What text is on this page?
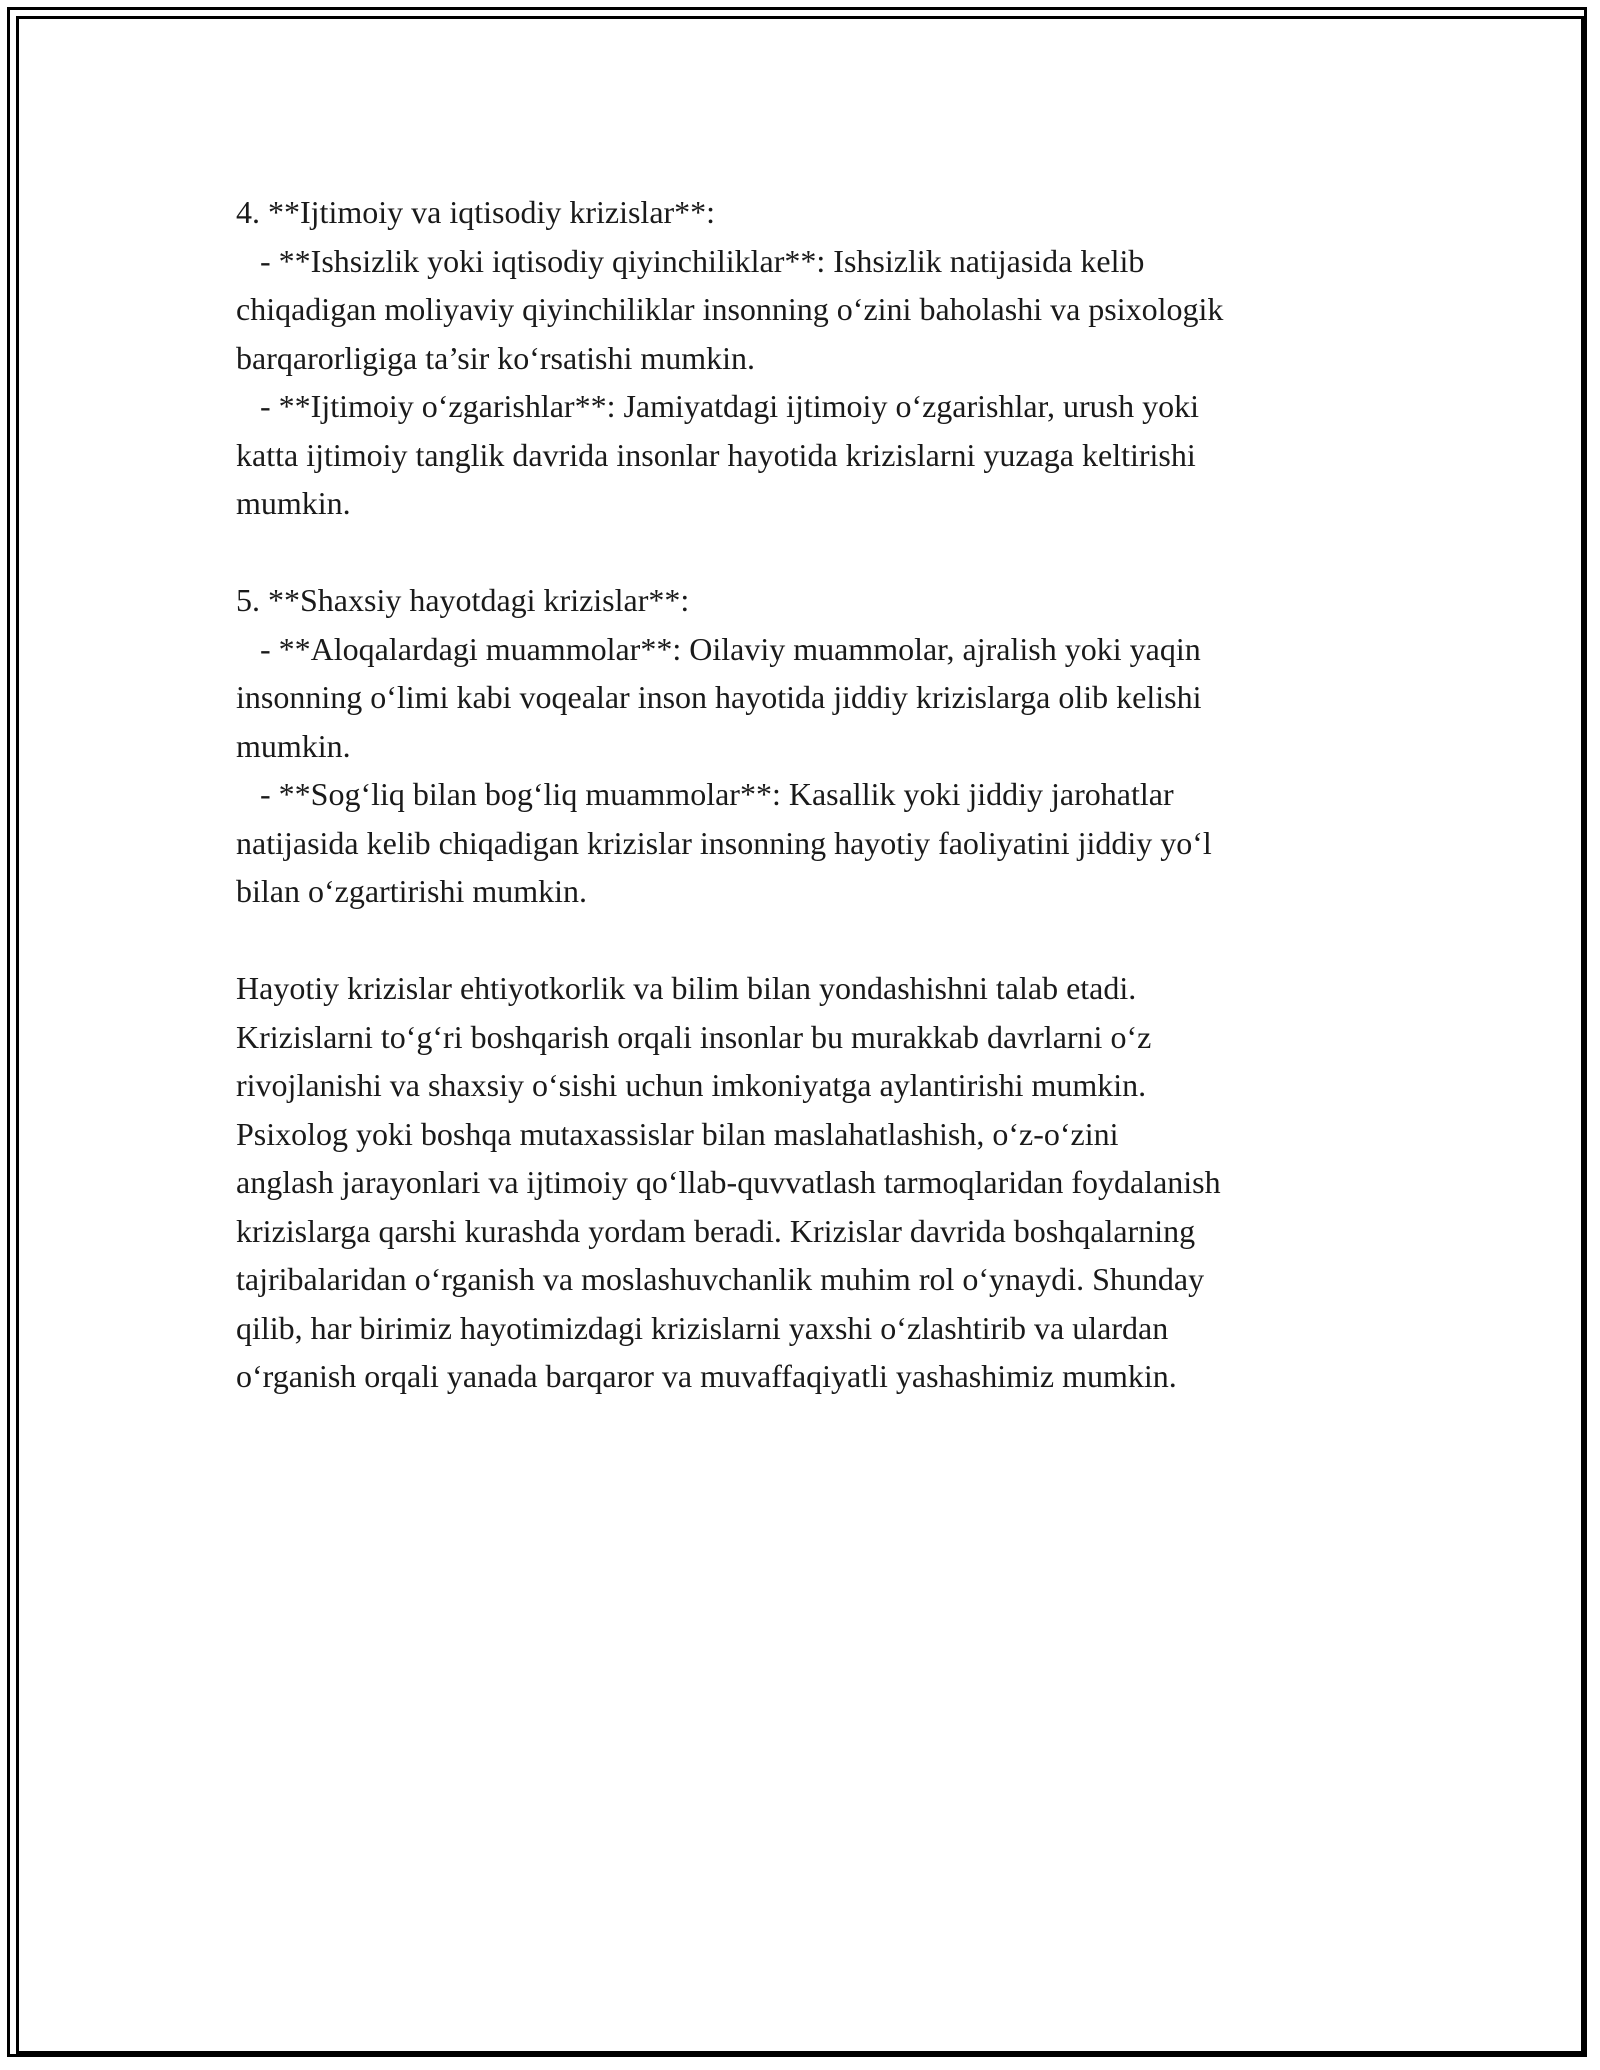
4. **Ijtimoiy va iqtisodiy krizislar**:
- **Ishsizlik yoki iqtisodiy qiyinchiliklar**: Ishsizlik natijasida kelib
chiqadigan moliyaviy qiyinchiliklar insonning o‘zini baholashi va psixologik
barqarorligiga ta’sir ko‘rsatishi mumkin.
- **Ijtimoiy o‘zgarishlar**: Jamiyatdagi ijtimoiy o‘zgarishlar, urush yoki
katta ijtimoiy tanglik davrida insonlar hayotida krizislarni yuzaga keltirishi
mumkin.
5. **Shaxsiy hayotdagi krizislar**:
- **Aloqalardagi muammolar**: Oilaviy muammolar, ajralish yoki yaqin
insonning o‘limi kabi voqealar inson hayotida jiddiy krizislarga olib kelishi
mumkin.
- **Sog‘liq bilan bog‘liq muammolar**: Kasallik yoki jiddiy jarohatlar
natijasida kelib chiqadigan krizislar insonning hayotiy faoliyatini jiddiy yo‘l
bilan o‘zgartirishi mumkin.
Hayotiy krizislar ehtiyotkorlik va bilim bilan yondashishni talab etadi.
Krizislarni to‘g‘ri boshqarish orqali insonlar bu murakkab davrlarni o‘z
rivojlanishi va shaxsiy o‘sishi uchun imkoniyatga aylantirishi mumkin.
Psixolog yoki boshqa mutaxassislar bilan maslahatlashish, o‘z-o‘zini
anglash jarayonlari va ijtimoiy qo‘llab-quvvatlash tarmoqlaridan foydalanish
krizislarga qarshi kurashda yordam beradi. Krizislar davrida boshqalarning
tajribalaridan o‘rganish va moslashuvchanlik muhim rol o‘ynaydi. Shunday
qilib, har birimiz hayotimizdagi krizislarni yaxshi o‘zlashtirib va ulardan
o‘rganish orqali yanada barqaror va muvaffaqiyatli yashashimiz mumkin.
